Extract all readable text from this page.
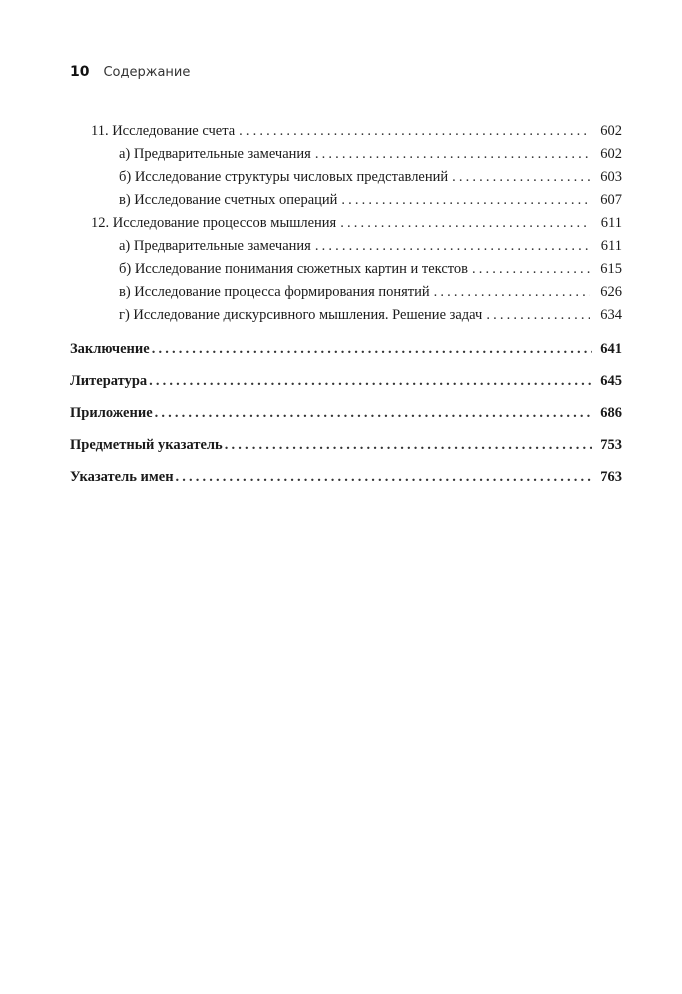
10 Содержание
11. Исследование счета . . .	602
а) Предварительные замечания . . .	602
б) Исследование структуры числовых представлений . . .	603
в) Исследование счетных операций . . .	607
12. Исследование процессов мышления . . .	611
а) Предварительные замечания . . .	611
б) Исследование понимания сюжетных картин и текстов . . .	615
в) Исследование процесса формирования понятий . . .	626
г) Исследование дискурсивного мышления. Решение задач . . .	634
Заключение . . .	641
Литература . . .	645
Приложение . . .	686
Предметный указатель . . .	753
Указатель имен . . .	763
